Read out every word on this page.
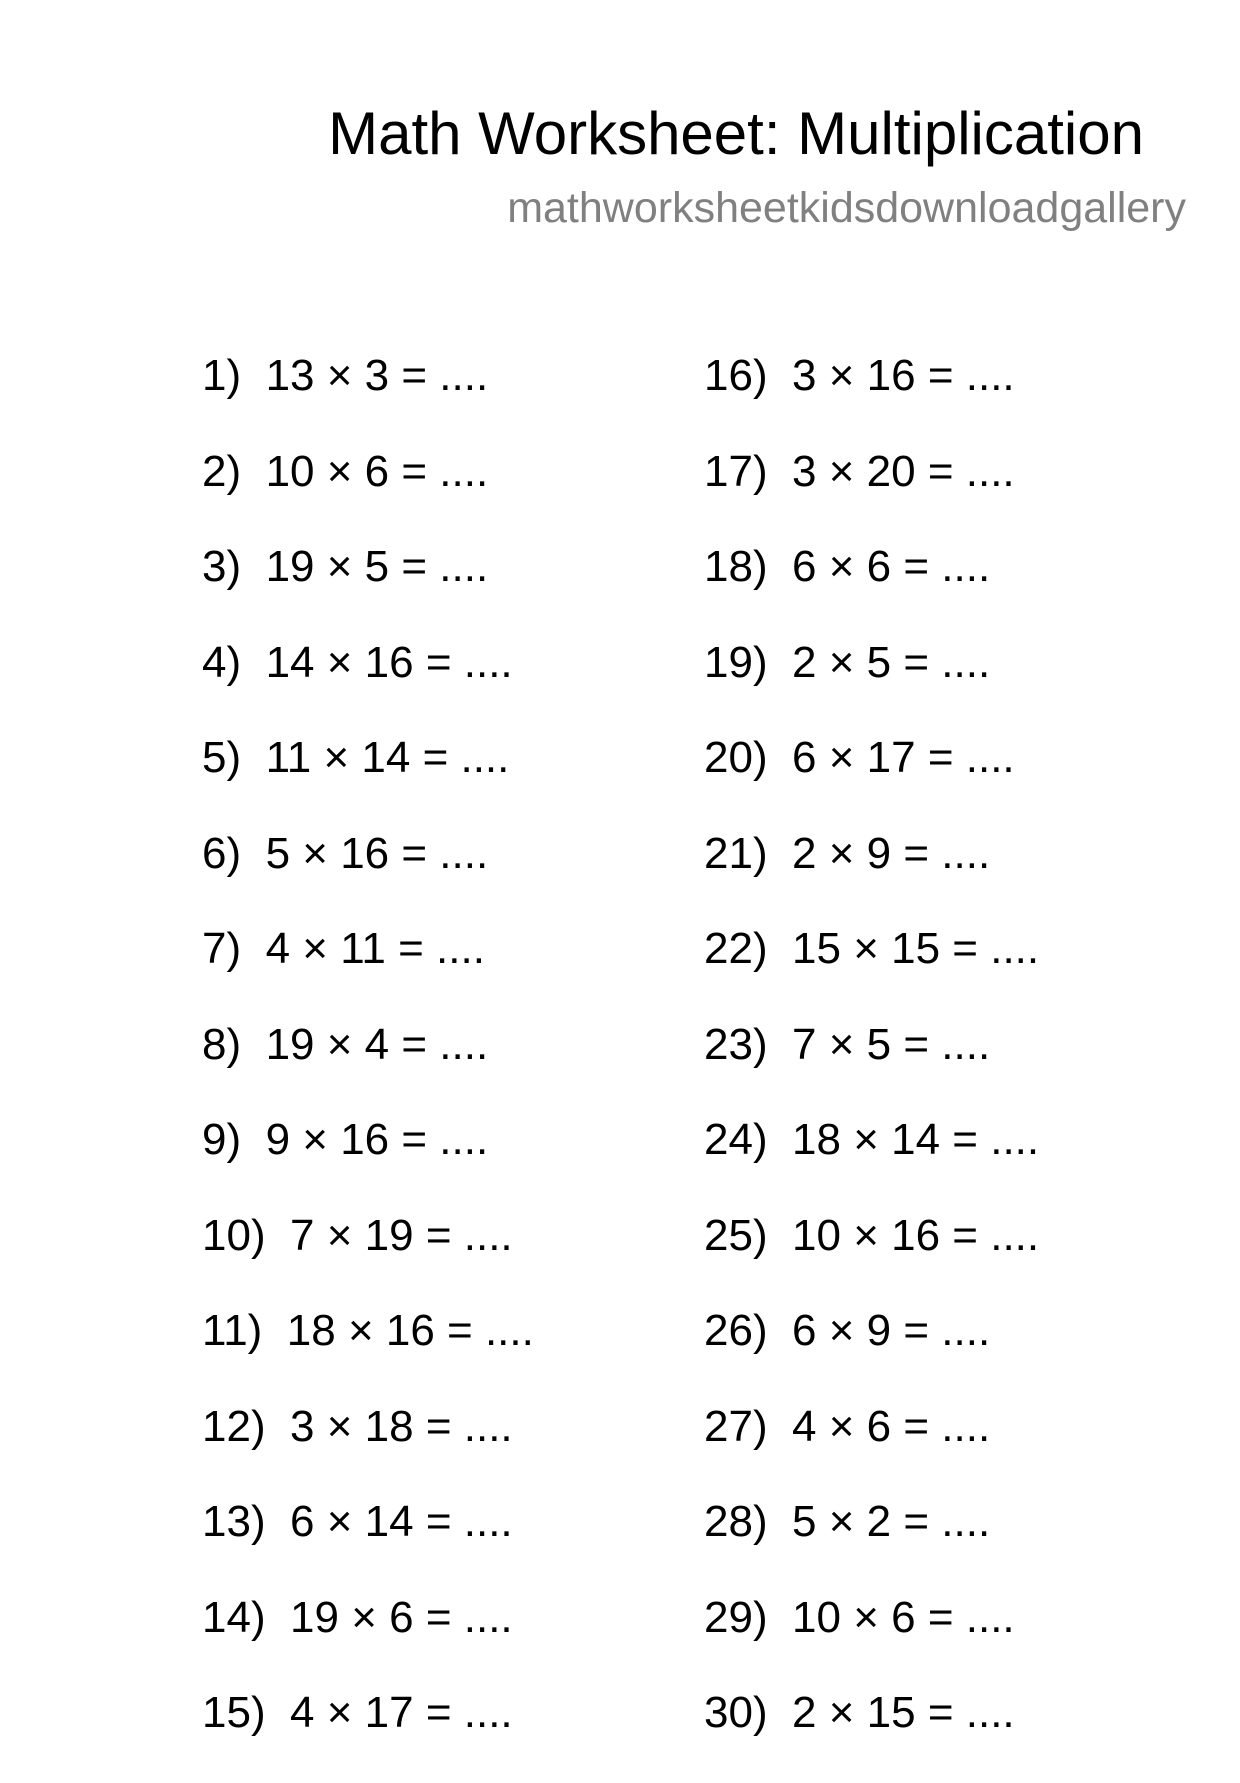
Math Worksheet: Multiplication
mathworksheetkidsdownloadgallery
1) 13 × 3 = ....
2) 10 × 6 = ....
3) 19 × 5 = ....
4) 14 × 16 = ....
5) 11 × 14 = ....
6) 5 × 16 = ....
7) 4 × 11 = ....
8) 19 × 4 = ....
9) 9 × 16 = ....
10) 7 × 19 = ....
11) 18 × 16 = ....
12) 3 × 18 = ....
13) 6 × 14 = ....
14) 19 × 6 = ....
15) 4 × 17 = ....
16) 3 × 16 = ....
17) 3 × 20 = ....
18) 6 × 6 = ....
19) 2 × 5 = ....
20) 6 × 17 = ....
21) 2 × 9 = ....
22) 15 × 15 = ....
23) 7 × 5 = ....
24) 18 × 14 = ....
25) 10 × 16 = ....
26) 6 × 9 = ....
27) 4 × 6 = ....
28) 5 × 2 = ....
29) 10 × 6 = ....
30) 2 × 15 = ....
